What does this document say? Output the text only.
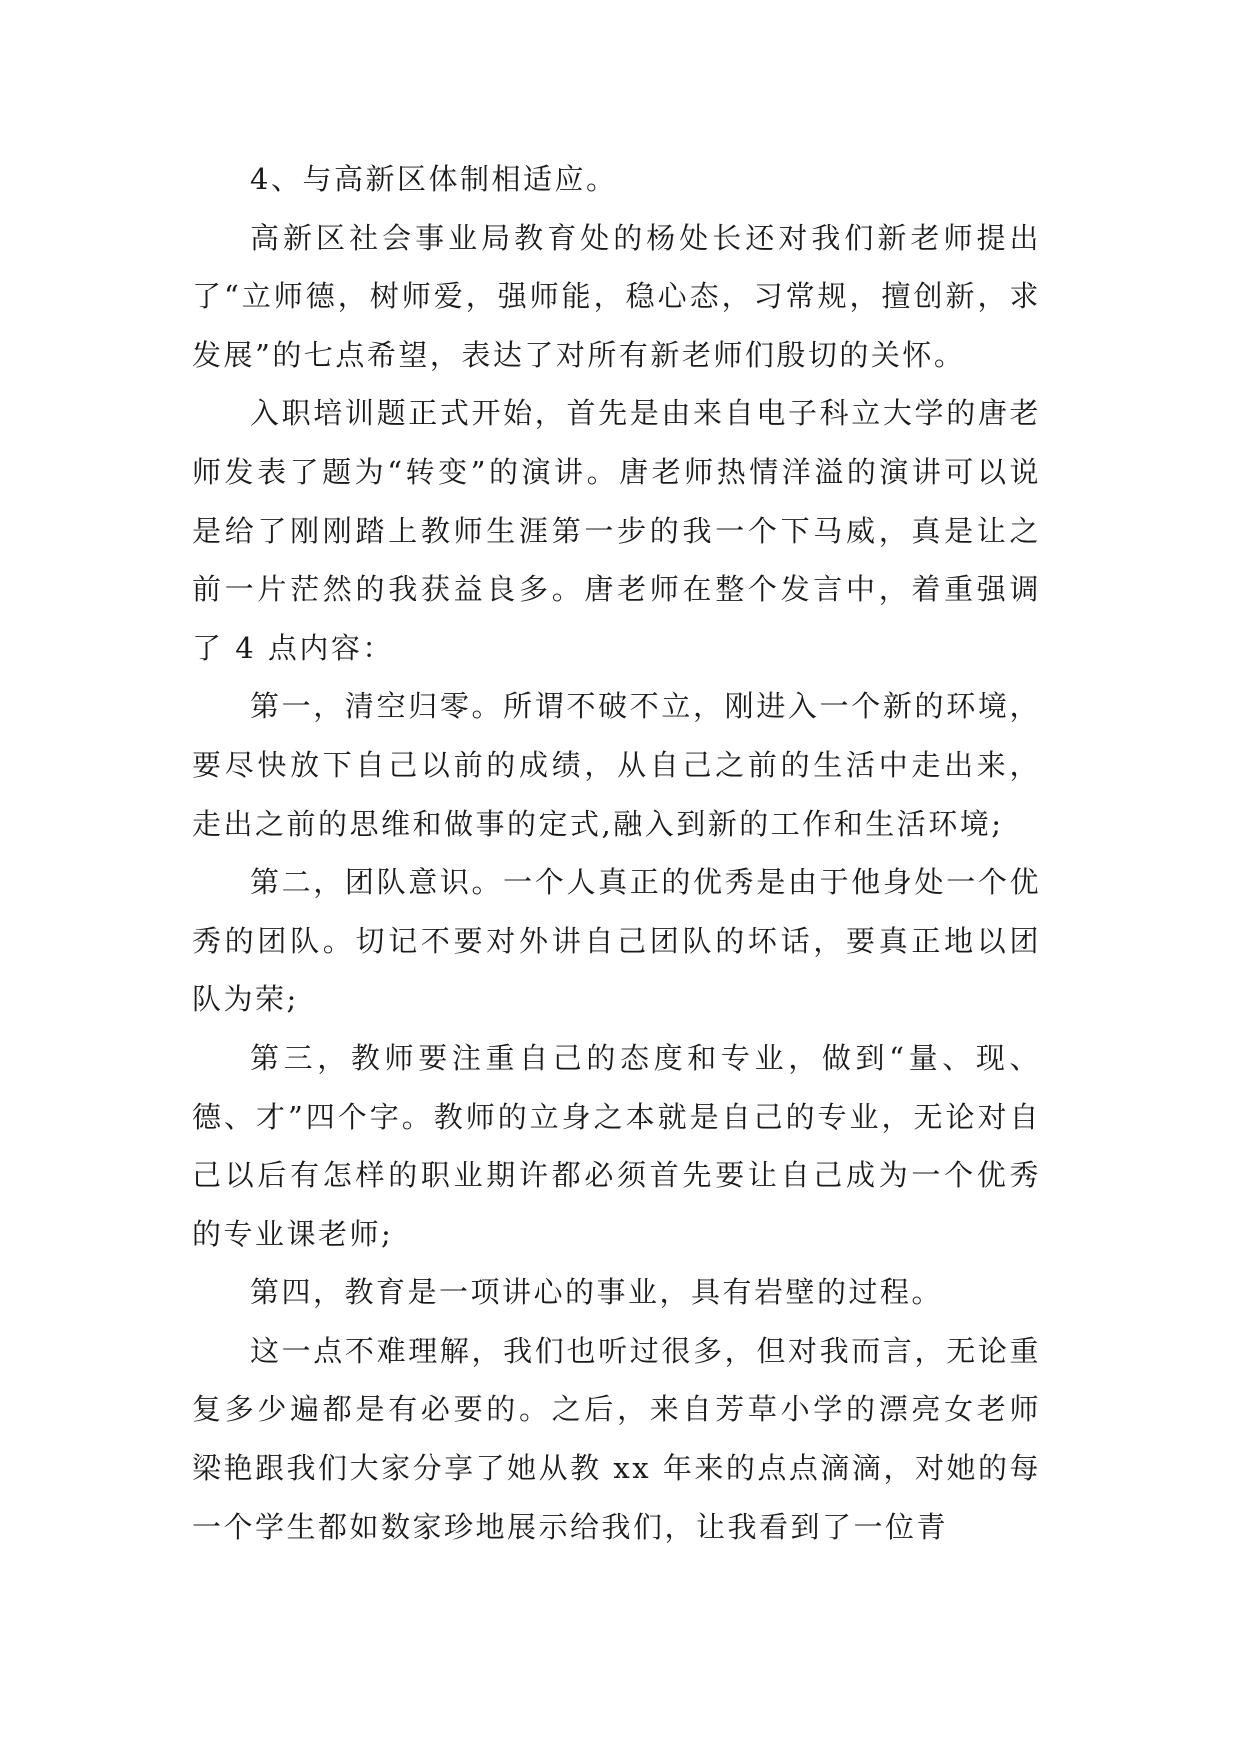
4、与高新区体制相适应。

高新区社会事业局教育处的杨处长还对我们新老师提出了“立师德，树师爱，强师能，稳心态，习常规，擅创新，求发展”的七点希望，表达了对所有新老师们殷切的关怀。

入职培训题正式开始，首先是由来自电子科立大学的唐老师发表了题为“转变”的演讲。唐老师热情洋溢的演讲可以说是给了刚刚踏上教师生涯第一步的我一个下马威，真是让之前一片茫然的我获益良多。唐老师在整个发言中，着重强调了 4 点内容：

第一，清空归零。所谓不破不立，刚进入一个新的环境，要尽快放下自己以前的成绩，从自己之前的生活中走出来，走出之前的思维和做事的定式,融入到新的工作和生活环境;

第二，团队意识。一个人真正的优秀是由于他身处一个优秀的团队。切记不要对外讲自己团队的坏话，要真正地以团队为荣;

第三，教师要注重自己的态度和专业，做到“量、现、德、才”四个字。教师的立身之本就是自己的专业，无论对自己以后有怎样的职业期许都必须首先要让自己成为一个优秀的专业课老师;

第四，教育是一项讲心的事业，具有岩壁的过程。

这一点不难理解，我们也听过很多，但对我而言，无论重复多少遍都是有必要的。之后，来自芳草小学的漂亮女老师梁艳跟我们大家分享了她从教 xx 年来的点点滴滴，对她的每一个学生都如数家珍地展示给我们，让我看到了一位青
